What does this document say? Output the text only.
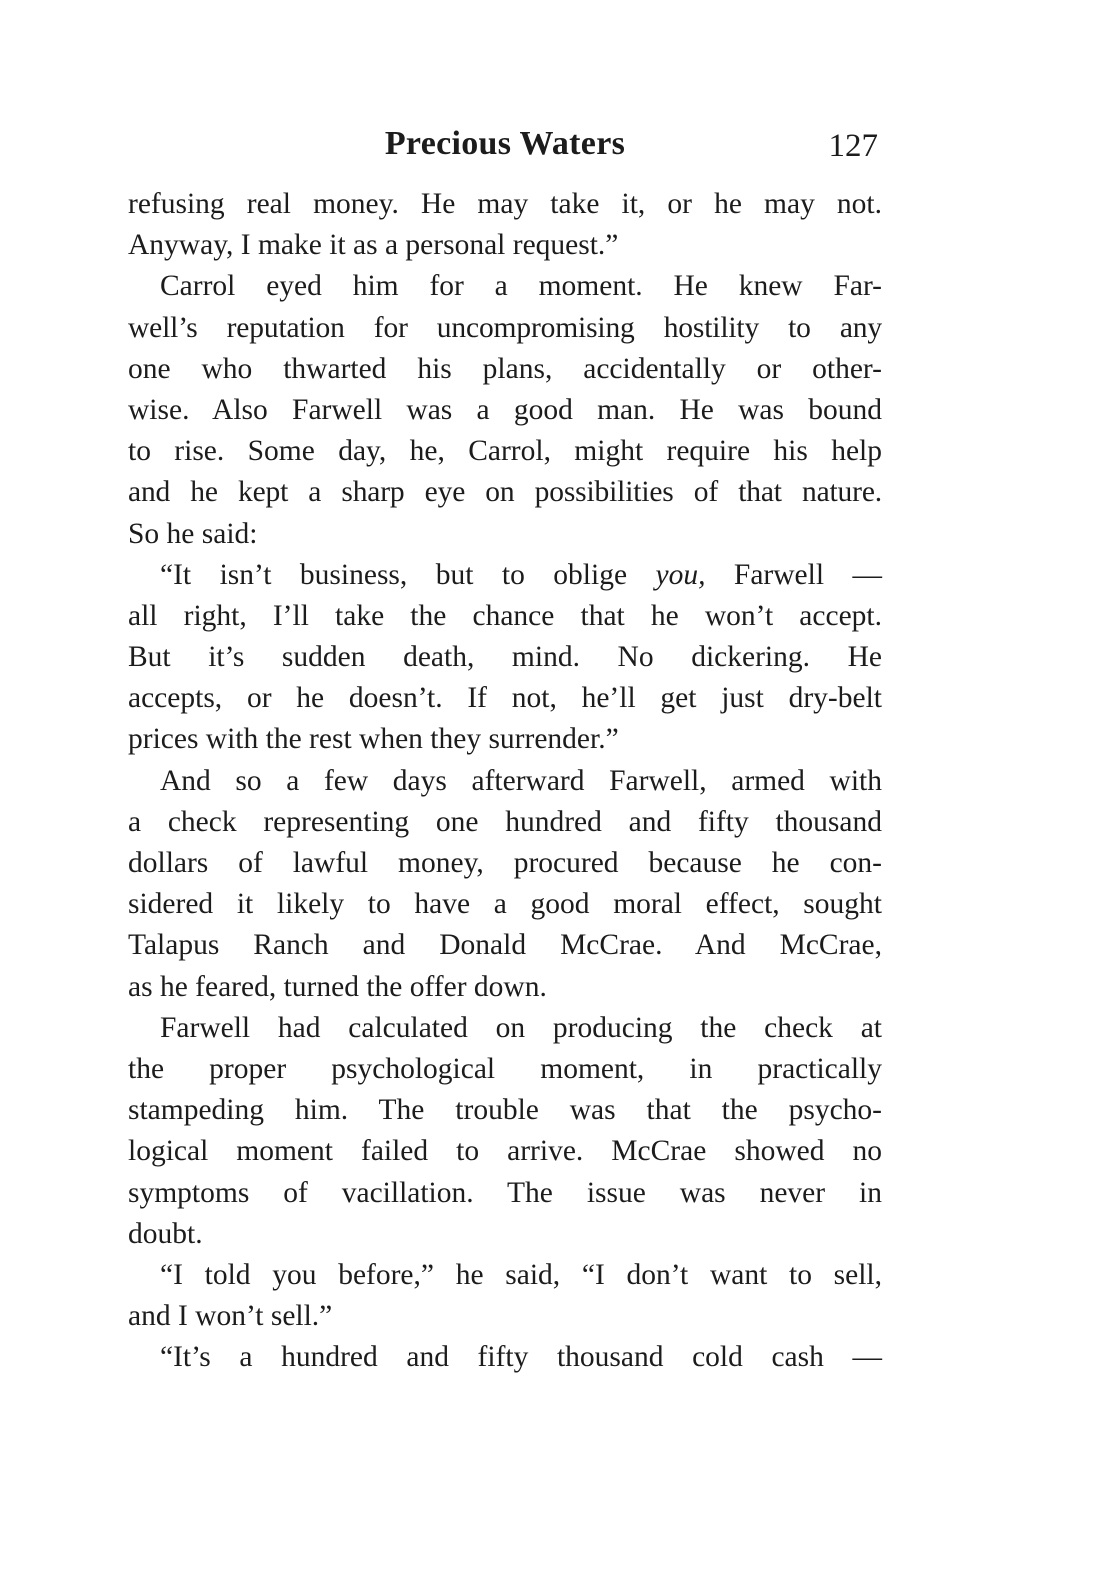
Precious Waters	127
refusing real money. He may take it, or he may not.
Anyway, I make it as a personal request.”
Carrol eyed him for a moment. He knew Far-
well’s reputation for uncompromising hostility to any
one who thwarted his plans, accidentally or other-
wise. Also Farwell was a good man. He was bound
to rise. Some day, he, Carrol, might require his help
and he kept a sharp eye on possibilities of that nature.
So he said:
“It isn’t business, but to oblige you, Farwell —
all right, I’ll take the chance that he won’t accept.
But it’s sudden death, mind. No dickering. He
accepts, or he doesn’t. If not, he’ll get just dry-belt
prices with the rest when they surrender.”
And so a few days afterward Farwell, armed with
a check representing one hundred and fifty thousand
dollars of lawful money, procured because he con-
sidered it likely to have a good moral effect, sought
Talapus Ranch and Donald McCrae. And McCrae,
as he feared, turned the offer down.
Farwell had calculated on producing the check at
the proper psychological moment, in practically
stampeding him. The trouble was that the psycho-
logical moment failed to arrive. McCrae showed no
symptoms of vacillation. The issue was never in
doubt.
“I told you before,” he said, “I don’t want to sell,
and I won’t sell.”
“It’s a hundred and fifty thousand cold cash —
